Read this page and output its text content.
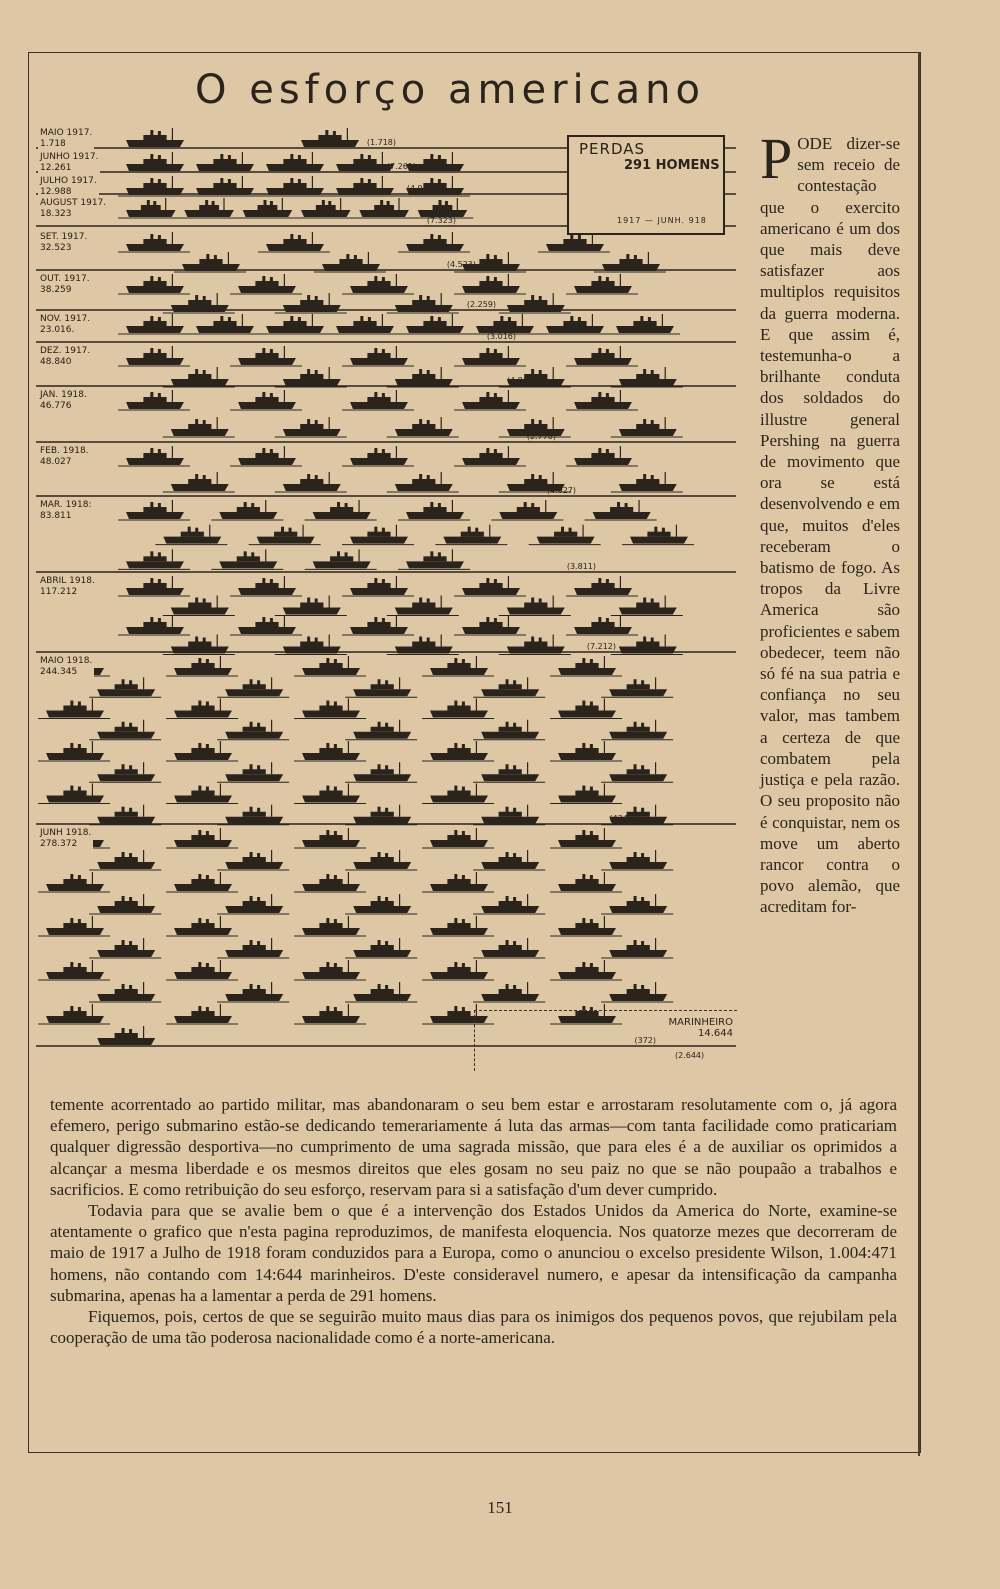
O esforço americano
(1.718)
(7.261)
(4.988)
(7.323)
(4.523)
(2.259)
(3.016)
(4.840)
(2.776)
(4.027)
(3.811)
(7.212)
(4345)
(372)
MAIO 1917.
1.718
JUNHO 1917.
12.261
JULHO 1917.
12.988
AUGUST 1917.
18.323
SET. 1917.
32.523
OUT. 1917.
38.259
NOV. 1917.
23.016.
DEZ. 1917.
48.840
JAN. 1918.
46.776
FEB. 1918.
48.027
MAR. 1918:
83.811
ABRIL 1918.
117.212
MAIO 1918.
244.345
JUNH 1918.
278.372
PERDAS
291 HOMENS
1917 — JUNH. 918
MARINHEIRO
14.644
(2.644)
P ODE dizer-se sem receio de contestação que o exercito americano é um dos que mais deve satisfazer aos multiplos requisitos da guerra moderna. E que assim é, testemunha-o a brilhante conduta dos soldados do illustre general Pershing na guerra de movimento que ora se está desenvolvendo e em que, muitos d'eles receberam o batismo de fogo. As tropos da Livre America são proficientes e sabem obedecer, teem não só fé na sua patria e confiança no seu valor, mas tambem a certeza de que combatem pela justiça e pela razão. O seu proposito não é conquistar, nem os move um aberto rancor contra o povo alemão, que acreditam for-

temente acorrentado ao partido militar, mas abandonaram o seu bem estar e arrostaram resolutamente com o, já agora efemero, perigo submarino estão-se dedicando temerariamente á luta das armas—com tanta facilidade como praticariam qualquer digressão desportiva—no cumprimento de uma sagrada missão, que para eles é a de auxiliar os oprimidos a alcançar a mesma liberdade e os mesmos direitos que eles gosam no seu paiz no que se não poupaão a trabalhos e sacrificios. E como retribuição do seu esforço, reservam para si a satisfação d'um dever cumprido.

Todavia para que se avalie bem o que é a intervenção dos Estados Unidos da America do Norte, examine-se atentamente o grafico que n'esta pagina reproduzimos, de manifesta eloquencia. Nos quatorze mezes que decorreram de maio de 1917 a Julho de 1918 foram conduzidos para a Europa, como o anunciou o excelso presidente Wilson, 1.004:471 homens, não contando com 14:644 marinheiros. D'este consideravel numero, e apesar da intensificação da campanha submarina, apenas ha a lamentar a perda de 291 homens.

Fiquemos, pois, certos de que se seguirão muito maus dias para os inimigos dos pequenos povos, que rejubilam pela cooperação de uma tão poderosa nacionalidade como é a norte-americana.

151
